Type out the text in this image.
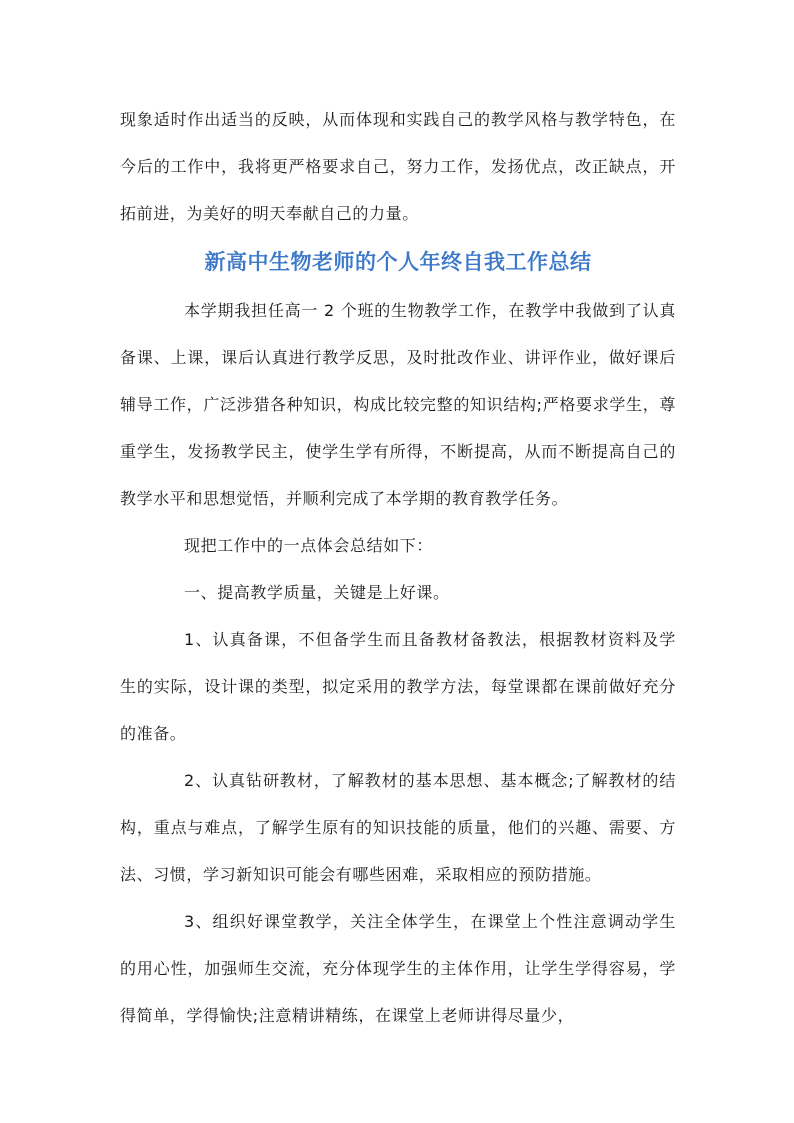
现象适时作出适当的反映，从而体现和实践自己的教学风格与教学特色，在今后的工作中，我将更严格要求自己，努力工作，发扬优点，改正缺点，开拓前进，为美好的明天奉献自己的力量。

新高中生物老师的个人年终自我工作总结

本学期我担任高一 2 个班的生物教学工作，在教学中我做到了认真备课、上课，课后认真进行教学反思，及时批改作业、讲评作业，做好课后辅导工作，广泛涉猎各种知识，构成比较完整的知识结构;严格要求学生，尊重学生，发扬教学民主，使学生学有所得，不断提高，从而不断提高自己的教学水平和思想觉悟，并顺利完成了本学期的教育教学任务。

现把工作中的一点体会总结如下：

一、提高教学质量，关键是上好课。

1、认真备课，不但备学生而且备教材备教法，根据教材资料及学生的实际，设计课的类型，拟定采用的教学方法，每堂课都在课前做好充分的准备。

2、认真钻研教材，了解教材的基本思想、基本概念;了解教材的结构，重点与难点，了解学生原有的知识技能的质量，他们的兴趣、需要、方法、习惯，学习新知识可能会有哪些困难，采取相应的预防措施。

3、组织好课堂教学，关注全体学生，在课堂上个性注意调动学生的用心性，加强师生交流，充分体现学生的主体作用，让学生学得容易，学得简单，学得愉快;注意精讲精练，在课堂上老师讲得尽量少，
